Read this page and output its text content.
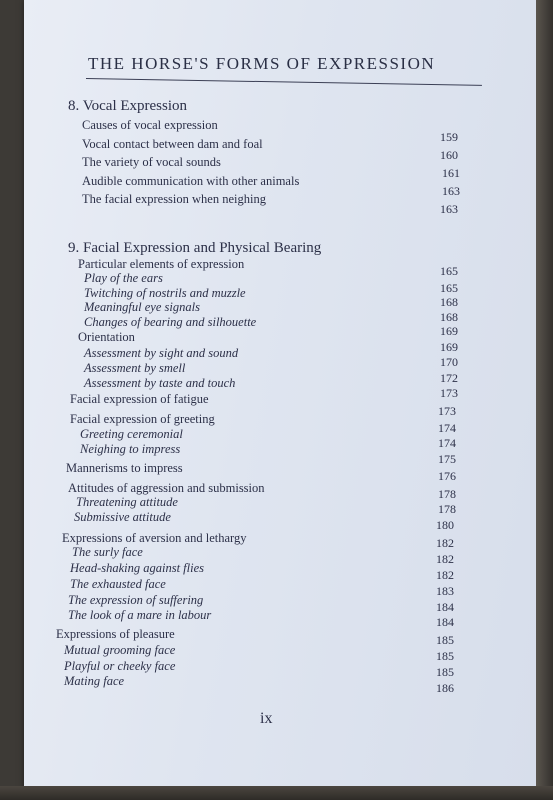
THE HORSE'S FORMS OF EXPRESSION
8. Vocal Expression
Causes of vocal expression
Vocal contact between dam and foal
The variety of vocal sounds
Audible communication with other animals
The facial expression when neighing
9. Facial Expression and Physical Bearing
Particular elements of expression
Play of the ears
Twitching of nostrils and muzzle
Meaningful eye signals
Changes of bearing and silhouette
Orientation
Assessment by sight and sound
Assessment by smell
Assessment by taste and touch
Facial expression of fatigue
Facial expression of greeting
Greeting ceremonial
Neighing to impress
Mannerisms to impress
Attitudes of aggression and submission
Threatening attitude
Submissive attitude
Expressions of aversion and lethargy
The surly face
Head-shaking against flies
The exhausted face
The expression of suffering
The look of a mare in labour
Expressions of pleasure
Mutual grooming face
Playful or cheeky face
Mating face
159
160
161
163
163
165
165
168
168
169
169
170
172
173
173
174
174
175
176
178
178
180
182
182
182
183
184
184
185
185
185
186
ix
